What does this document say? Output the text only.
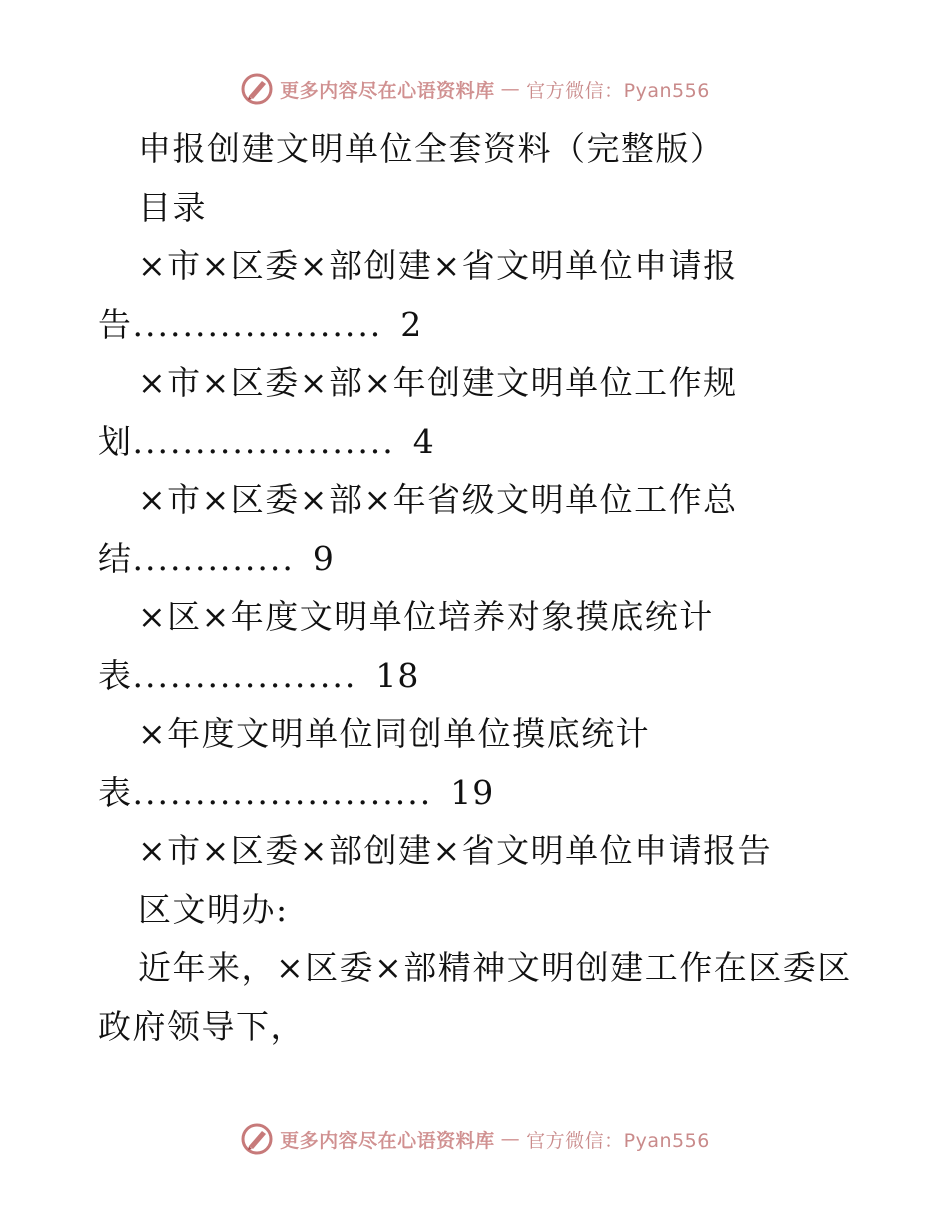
更多内容尽在心语资料库 — 官方微信：Pyan556
申报创建文明单位全套资料（完整版）
目录
×市×区委×部创建×省文明单位申请报
告.................... 2
×市×区委×部×年创建文明单位工作规
划..................... 4
×市×区委×部×年省级文明单位工作总
结............. 9
×区×年度文明单位培养对象摸底统计
表.................. 18
×年度文明单位同创单位摸底统计
表........................ 19
×市×区委×部创建×省文明单位申请报告
区文明办:
近年来，×区委×部精神文明创建工作在区委区
政府领导下，
更多内容尽在心语资料库 — 官方微信：Pyan556
